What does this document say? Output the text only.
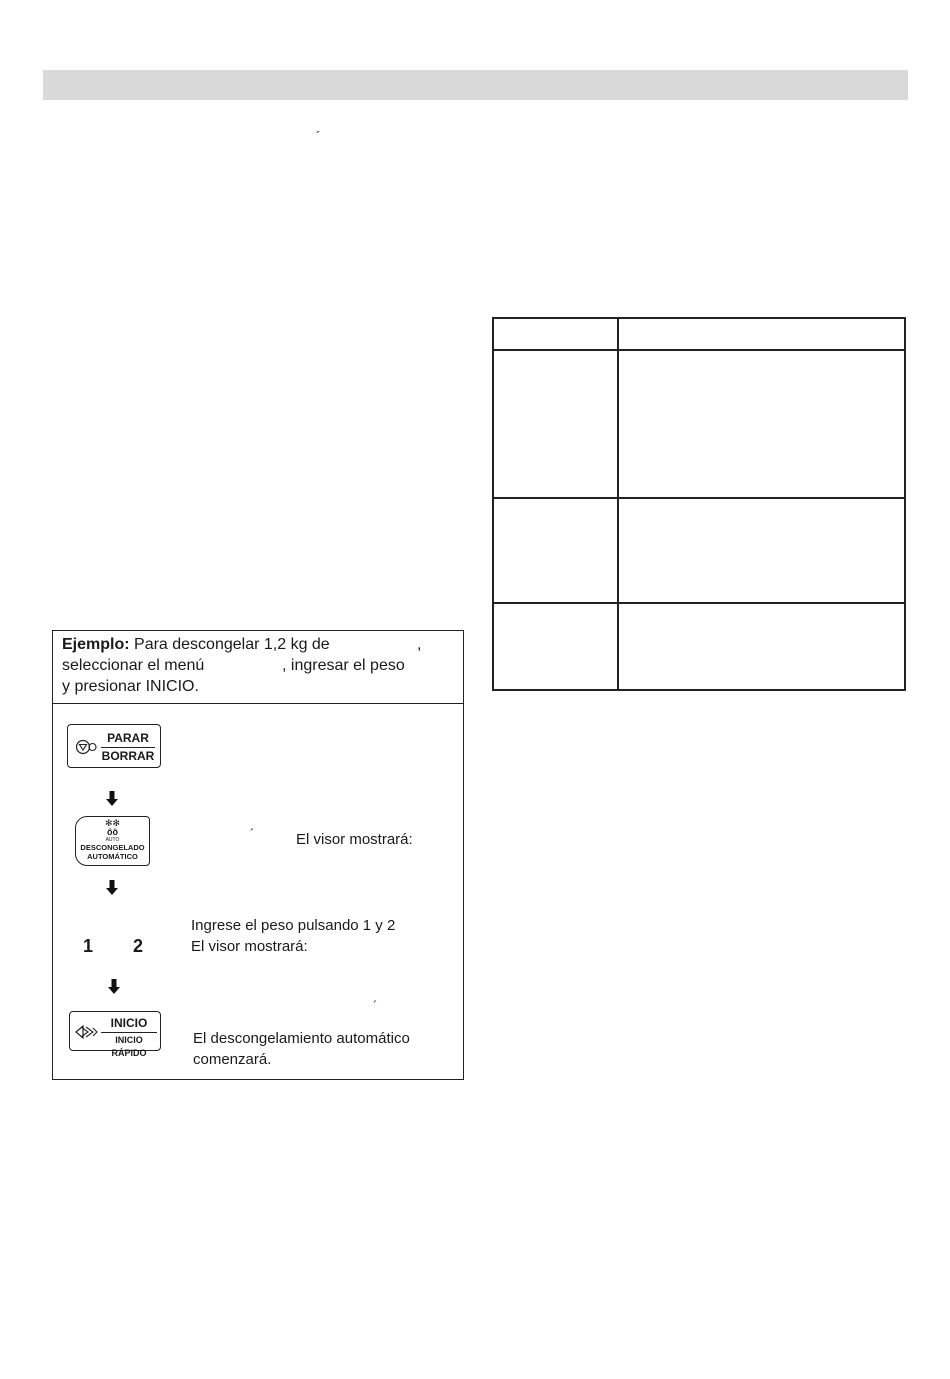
´
Ejemplo: Para descongelar 1,2 kg de	,
seleccionar el menú	, ingresar el peso
y presionar INICIO.
PARAR
BORRAR
✻✻
ôô
AUTO
DESCONGELADO
AUTOMÁTICO
´	El visor mostrará:
1 2
Ingrese el peso pulsando 1 y 2
El visor mostrará:
´
INICIO
INICIO RÁPIDO
El descongelamiento automático
comenzará.
